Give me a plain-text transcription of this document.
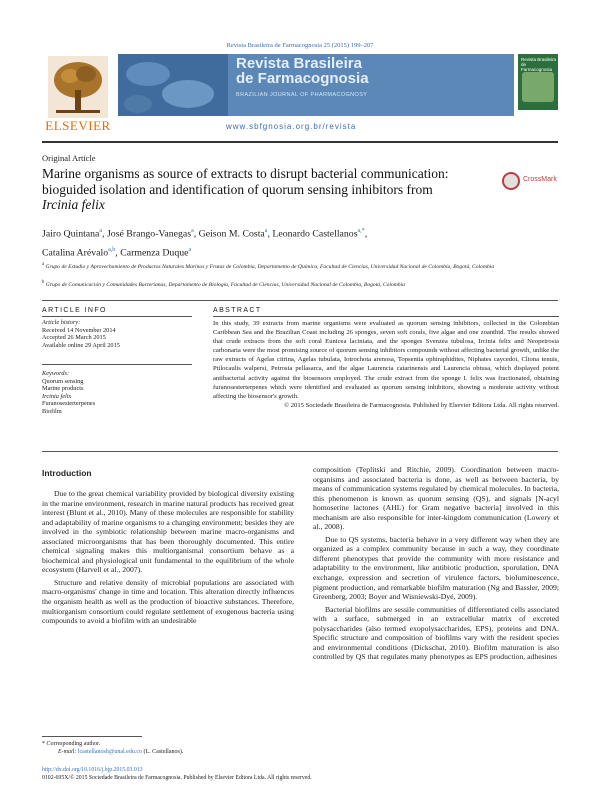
Revista Brasileira de Farmacognosia 25 (2015) 199–207
ELSEVIER
Revista Brasileira
de Farmacognosia
BRAZILIAN JOURNAL OF PHARMACOGNOSY
Revista Brasileira de Farmacognosia
www.sbfgnosia.org.br/revista
Original Article
Marine organisms as source of extracts to disrupt bacterial communication: bioguided isolation and identification of quorum sensing inhibitors from Ircinia felix
CrossMark
Jairo Quintana$^a$, José Brango-Vanegas$^a$, Geison M. Costa$^a$, Leonardo Castellanos$^{a,*}$,
Catalina Arévalo$^{a,b}$, Carmenza Duque$^a$
$^a$ Grupo de Estudio y Aprovechamiento de Productos Naturales Marinos y Frutas de Colombia, Departamento de Química, Facultad de Ciencias, Universidad Nacional de Colombia, Bogotá, Colombia
$^b$ Grupo de Comunicación y Comunidades Bacterianas, Departamento de Biología, Facultad de Ciencias, Universidad Nacional de Colombia, Bogotá, Colombia
ARTICLE INFO	ABSTRACT
Article history:
Received 14 November 2014
Accepted 26 March 2015
Available online 29 April 2015
Keywords:
Quorum sensing
Marine products
Ircinia felix
Furanosesterterpenes
Biofilm
In this study, 39 extracts from marine organisms were evaluated as quorum sensing inhibitors, collected in the Colombian Caribbean Sea and the Brazilian Coast including 26 sponges, seven soft corals, five algae and one zoanthid. The results showed that crude extracts from the soft coral Eunicea laciniata, and the sponges Svenzea tubulosa, Ircinia felix and Neopetrosia carbonaria were the most promising source of quorum sensing inhibitors compounds without affecting bacterial growth, unlike the raw extracts of Agelas citrina, Agelas tubulata, Iotrochota arenosa, Topsentia ophiraphidites, Niphates caycedoi, Cliona tenuis, Ptilocaulis walpersi, Petrosia pellasarca, and the algae Laurencia catarinensis and Laurencia obtusa, which displayed potent antibacterial activity against the biosensors employed. The crude extract from the sponge I. felix was fractionated, obtaining furanosesterterpenes which were identified and evaluated as quorum sensing inhibitors, showing a moderate activity without affecting the biosensor's growth.
© 2015 Sociedade Brasileira de Farmacognosia. Published by Elsevier Editora Ltda. All rights reserved.
Introduction

Due to the great chemical variability provided by biological diversity existing in the marine environment, research in marine natural products has received great interest (Blunt et al., 2010). Many of these molecules are responsible for stability and adaptability of marine organisms to a changing environment; besides they are involved in the symbiotic relationship between marine macro-organisms and associated microorganisms that has been thoroughly documented. This entire chemical signaling makes this multiorganismal consortium behave as a biochemical and physiological unit fundamental to the equilibrium of the whole ecosystem (Harvell et al., 2007).

Structure and relative density of microbial populations are associated with macro-organisms' change in time and location. This alteration directly influences the organism health as well as the production of bioactive substances. Therefore, multiorganism consortium could regulate settlement of exogenous bacteria using compounds to avoid a biofilm with an undesirable

composition (Teplitski and Ritchie, 2009). Coordination between macro-organisms and associated bacteria is done, as well as between bacteria, by means of communication systems regulated by chemical molecules. In bacteria, this phenomenon is known as quorum sensing (QS), and signals [N-acyl homoserine lactones (AHL) for Gram negative bacteria] involved in this mechanism are also responsible for inter-kingdom communication (Lowery et al., 2008).

Due to QS systems, bacteria behave in a very different way when they are organized as a complex community because in such a way, they coordinate different phenotypes that provide the community with more resistance and adaptability to the environment, like antibiotic production, sporulation, DNA exchange, expression and secretion of virulence factors, bioluminescence, pigment production, and remarkable biofilm maturation (Ng and Bassler, 2009; Greenberg, 2003; Boyer and Wisniewski-Dyé, 2009).

Bacterial biofilms are sessile communities of differentiated cells associated with a surface, submerged in an extracellular matrix of excreted polysaccharides (also termed exopolysaccharides, EPS), proteins and DNA. Specific structure and composition of biofilms vary with the resident species and environmental conditions (Dickschat, 2010). Biofilm maturation is also controlled by QS that regulates many phenotypes as EPS production, adhesines

* Corresponding author.
E-mail: lcastellanosh@unal.edu.co (L. Castellanos).
http://dx.doi.org/10.1016/j.bjp.2015.03.013
0102-695X/© 2015 Sociedade Brasileira de Farmacognosia. Published by Elsevier Editora Ltda. All rights reserved.
